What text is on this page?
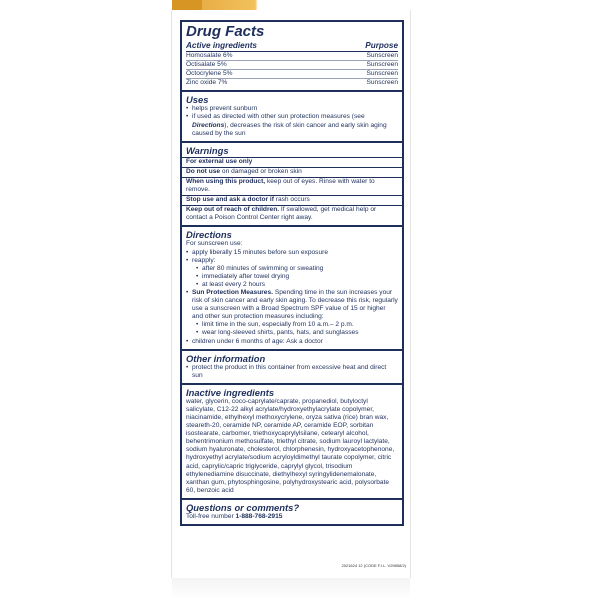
Drug Facts
Active ingredients	Purpose
Homosalate 6%	Sunscreen
Octisalate 5%	Sunscreen
Octocrylene 5%	Sunscreen
Zinc oxide 7%	Sunscreen
Uses
• helps prevent sunburn
• if used as directed with other sun protection measures (see Directions), decreases the risk of skin cancer and early skin aging caused by the sun
Warnings
For external use only
Do not use on damaged or broken skin
When using this product, keep out of eyes. Rinse with water to remove.
Stop use and ask a doctor if rash occurs
Keep out of reach of children. If swallowed, get medical help or contact a Poison Control Center right away.
Directions
For sunscreen use:
• apply liberally 15 minutes before sun exposure
• reapply:
• after 80 minutes of swimming or sweating
• immediately after towel drying
• at least every 2 hours
• Sun Protection Measures. Spending time in the sun increases your risk of skin cancer and early skin aging. To decrease this risk, regularly use a sunscreen with a Broad Spectrum SPF value of 15 or higher and other sun protection measures including:
• limit time in the sun, especially from 10 a.m.– 2 p.m.
• wear long-sleeved shirts, pants, hats, and sunglasses
• children under 6 months of age: Ask a doctor
Other information
• protect the product in this container from excessive heat and direct sun
Inactive ingredients
water, glycerin, coco-caprylate/caprate, propanediol, butyloctyl salicylate, C12-22 alkyl acrylate/hydroxyethylacrylate copolymer, niacinamide, ethylhexyl methoxycrylene, oryza sativa (rice) bran wax, steareth-20, ceramide NP, ceramide AP, ceramide EOP, sorbitan isostearate, carbomer, triethoxycaprylylsilane, cetearyl alcohol, behentrimonium methosulfate, triethyl citrate, sodium lauroyl lactylate, sodium hyaluronate, cholesterol, chlorphenesin, hydroxyacetophenone, hydroxyethyl acrylate/sodium acryloyldimethyl taurate copolymer, citric acid, caprylic/capric triglyceride, caprylyl glycol, trisodium ethylenediamine disuccinate, diethylhexyl syringylidenemalonate, xanthan gum, phytosphingosine, polyhydroxystearic acid, polysorbate 60, benzoic acid
Questions or comments?
Toll-free number 1-888-768-2915
2021624 12 (CODE F.I.L. V29858/2)
